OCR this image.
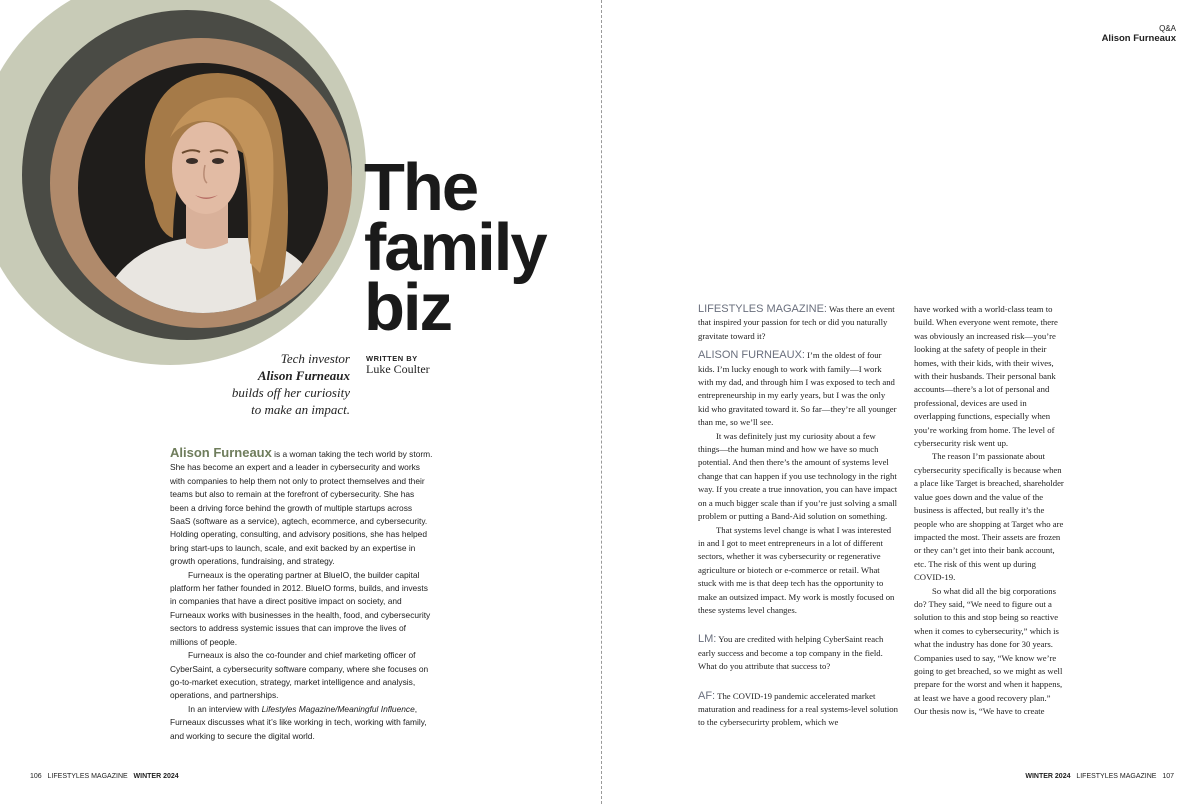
The
family
biz
Tech investor
Alison Furneaux
builds off her curiosity to make an impact.
WRITTEN BY
Luke Coulter

Alison Furneaux is a woman taking the tech world by storm. She has become an expert and a leader in cybersecurity and works with companies to help them not only to protect themselves and their teams but also to remain at the forefront of cybersecurity. She has been a driving force behind the growth of multiple startups across SaaS (software as a service), agtech, ecommerce, and cybersecurity. Holding operating, consulting, and advisory positions, she has helped bring start-ups to launch, scale, and exit backed by an expertise in growth operations, fundraising, and strategy.

Furneaux is the operating partner at BlueIO, the builder capital platform her father founded in 2012. BlueIO forms, builds, and invests in companies that have a direct positive impact on society, and Furneaux works with businesses in the health, food, and cybersecurity sectors to address systemic issues that can improve the lives of millions of people.

Furneaux is also the co-founder and chief marketing officer of CyberSaint, a cybersecurity software company, where she focuses on go-to-market execution, strategy, market intelligence and analysis, operations, and partnerships.

In an interview with Lifestyles Magazine/Meaningful Influence, Furneaux discusses what it’s like working in tech, working with family, and working to secure the digital world.

106 LIFESTYLES MAGAZINE WINTER 2024
Q&A
Alison Furneaux

LIFESTYLES MAGAZINE: Was there an event that inspired your passion for tech or did you naturally gravitate toward it?

ALISON FURNEAUX: I’m the oldest of four kids. I’m lucky enough to work with family—I work with my dad, and through him I was exposed to tech and entrepreneurship in my early years, but I was the only kid who gravitated toward it. So far—they’re all younger than me, so we’ll see.

It was definitely just my curiosity about a few things—the human mind and how we have so much potential. And then there’s the amount of systems level change that can happen if you use technology in the right way. If you create a true innovation, you can have impact on a much bigger scale than if you’re just solving a small problem or putting a Band-Aid solution on something.

That systems level change is what I was interested in and I got to meet entrepreneurs in a lot of different sectors, whether it was cybersecurity or regenerative agriculture or biotech or e-commerce or retail. What stuck with me is that deep tech has the opportunity to make an outsized impact. My work is mostly focused on these systems level changes.

LM: You are credited with helping CyberSaint reach early success and become a top company in the field. What do you attribute that success to?

AF: The COVID-19 pandemic accelerated market maturation and readiness for a real systems-level solution to the cybersecurirty problem, which we

have worked with a world-class team to build. When everyone went remote, there was obviously an increased risk—you’re looking at the safety of people in their homes, with their kids, with their wives, with their husbands. Their personal bank accounts—there’s a lot of personal and professional, devices are used in overlapping functions, especially when you’re working from home. The level of cybersecurity risk went up.

The reason I’m passionate about cybersecurity specifically is because when a place like Target is breached, shareholder value goes down and the value of the business is affected, but really it’s the people who are shopping at Target who are impacted the most. Their assets are frozen or they can’t get into their bank account, etc. The risk of this went up during COVID-19.

So what did all the big corporations do? They said, “We need to figure out a solution to this and stop being so reactive when it comes to cybersecurity,” which is what the industry has done for 30 years. Companies used to say, “We know we’re going to get breached, so we might as well prepare for the worst and when it happens, at least we have a good recovery plan.” Our thesis now is, “We have to create

WINTER 2024 LIFESTYLES MAGAZINE 107
